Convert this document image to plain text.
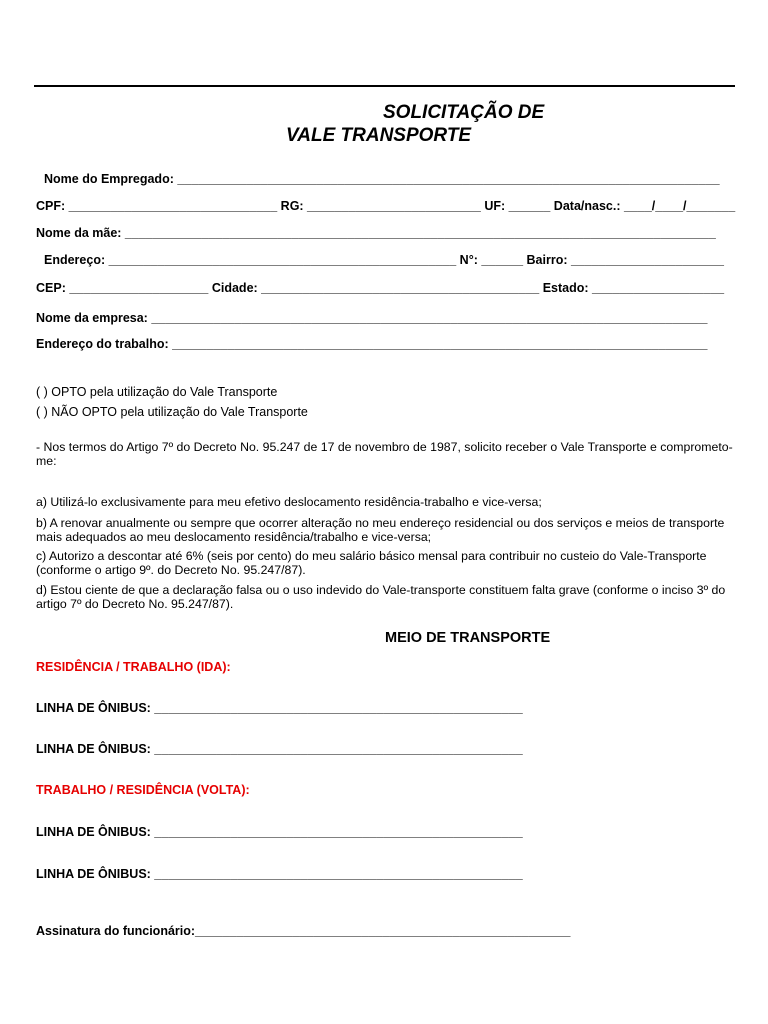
SOLICITAÇÃO DE
VALE TRANSPORTE
Nome do Empregado: ______________________________________________________________________________
CPF: ______________________________ RG: _________________________ UF: ______ Data/nasc.: ____/____/_______
Nome da mãe: _____________________________________________________________________________________
Endereço: __________________________________________________ N°: ______ Bairro: ______________________
CEP: ____________________ Cidade: ________________________________________ Estado: ___________________
Nome da empresa: ________________________________________________________________________________
Endereço do trabalho: _____________________________________________________________________________
( ) OPTO pela utilização do Vale Transporte
( ) NÃO OPTO pela utilização do Vale Transporte
- Nos termos do Artigo 7º do Decreto No. 95.247 de 17 de novembro de 1987, solicito receber o Vale Transporte e comprometo-me:
a) Utilizá-lo exclusivamente para meu efetivo deslocamento residência-trabalho e vice-versa;
b) A renovar anualmente ou sempre que ocorrer alteração no meu endereço residencial ou dos serviços e meios de transporte mais adequados ao meu deslocamento residência/trabalho e vice-versa;
c) Autorizo a descontar até 6% (seis por cento) do meu salário básico mensal para contribuir no custeio do Vale-Transporte (conforme o artigo 9º. do Decreto No. 95.247/87).
d) Estou ciente de que a declaração falsa ou o uso indevido do Vale-transporte constituem falta grave (conforme o inciso 3º do artigo 7º do Decreto No. 95.247/87).
MEIO DE TRANSPORTE
RESIDÊNCIA / TRABALHO (IDA):
LINHA DE ÔNIBUS: _____________________________________________________
LINHA DE ÔNIBUS: _____________________________________________________
TRABALHO / RESIDÊNCIA (VOLTA):
LINHA DE ÔNIBUS: _____________________________________________________
LINHA DE ÔNIBUS: _____________________________________________________
Assinatura do funcionário:______________________________________________________
